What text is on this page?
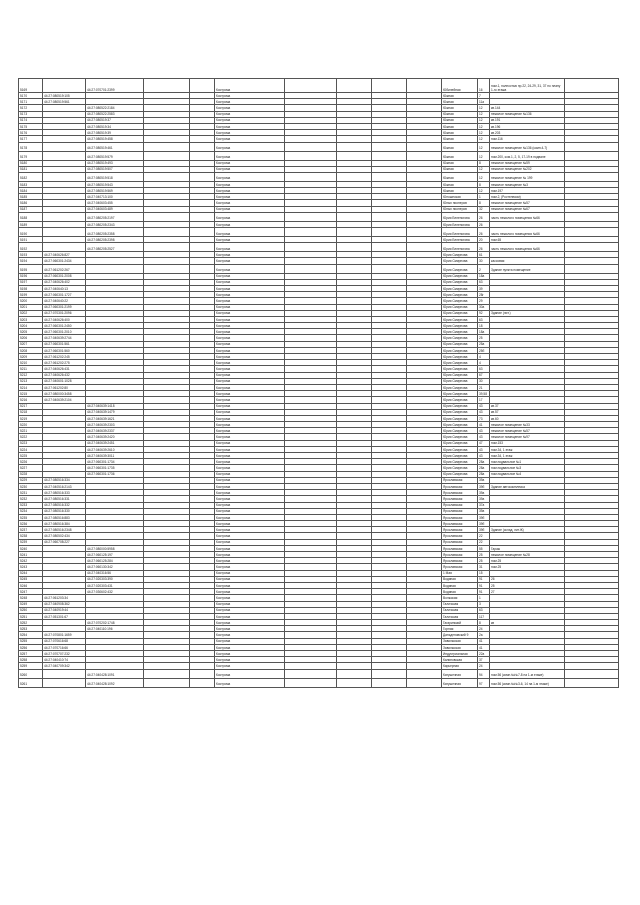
5169		44:27:070701:2399			Кострома					Юбилейная	16	пом.1, полностью пр.22, 24-29, 31, 37 по плану 1-го этажа	
5170	44:27:080519:105				Кострома					Южная	7		
5171	44:27:080519:561				Кострома					Южная	11а		
5172		44:27:080522:2184			Кострома					Южная	12	кв.144	
5173		44:27:080522:2583			Кострома					Южная	12	нежилое помещение №136	
5174		44:27:080519:37			Кострома					Южная	12	кв.191	
5175		44:27:080519:34			Кострома					Южная	12	кв.196	
5176		44:27:080519:39			Кострома					Южная	12	кв.203	
5177		44:27:080519:458			Кострома					Южная	12	пом.116	
5178		44:27:080519:461			Кострома					Южная	12	нежилое помещение №136 (комн.4-7)	
5179		44:27:080519:579			Кострома					Южная	12	пом.200, ком.1, 2, 5, 17-19 в подвале	
5180		44:27:080519:493			Кострома					Южная	8	нежилое помещение №59	
5181		44:27:080519:507			Кострома					Южная	12	нежилое помещение №202	
5182		44:27:080519:518			Кострома					Южная	12	нежилое помещение № 199	
5183		44:27:080519:543			Кострома					Южная	8	нежилое помещение №3	
5184		44:27:080519:569			Кострома					Южная	12	пом.197	
5185		44:27:040713:100			Кострома					Юношеская	1	пом.2, (Ростелеком)	
5186		44:27:040603:455			Кострома					Юных пионеров	8	нежилое помещение №57	
5187		44:27:040603:489			Кострома					Юных пионеров	32	нежилое помещение №67	
5188		44:27:080205:2197			Кострома					Юрия Беленогова	26	часть нежилого помещения №66	
5189		44:27:080205:2343			Кострома					Юрия Беленогова	26		
5190		44:27:080205:2358			Кострома					Юрия Беленогова	26	часть нежилого помещения №66	
5191		44:27:080205:2398			Кострома					Юрия Беленогова	20	пом.65	
5192		44:27:080205:2527			Кострома					Юрия Беленогова	26	часть нежилого помещения №66	
5193	44:27:040626:827				Кострома					Юрия Смирнова	61		
5194	44:27:060301:2434				Кострома					Юрия Смирнова	30	кассовая	
5195	44:27:061202:267				Кострома					Юрия Смирнова	2	Здание пункта помещение	
5196	44:27:060301:2008				Кострома					Юрия Смирнова	18а		
5197	44:27:040626:402				Кострома					Юрия Смирнова	63		
5198	44:27:040640:13				Кострома					Юрия Смирнова	39		
5199	44:27:060301:1727				Кострома					Юрия Смирнова	28г		
5200	44:27:040640:22				Кострома					Юрия Смирнова	29		
5201	44:27:060301:2199				Кострома					Юрия Смирнова	30а		
5202	44:27:070301:2096				Кострома					Юрия Смирнова	92	Здание (лит.)	
5203	44:27:040626:400				Кострома					Юрия Смирнова	63		
5204	44:27:060301:2450				Кострома					Юрия Смирнова	18		
5205	44:27:060301:2010				Кострома					Юрия Смирнова	18а		
5206	44:27:040639:2744				Кострома					Юрия Смирнова	25		
5207	44:27:060301:561				Кострома					Юрия Смирнова	25а		
5208	44:27:060301:560				Кострома					Юрия Смирнова	25б		
5209	44:27:061202:245				Кострома					Юрия Смирнова	4		
5210	44:27:061202:275				Кострома					Юрия Смирнова	4		
5211	44:27:040626:431				Кострома					Юрия Смирнова	63		
5212	44:27:040626:432				Кострома					Юрия Смирнова	67		
5213	44:27:040601:1028				Кострома					Юрия Смирнова	30		
5214	44:27:061202:80				Кострома					Юрия Смирнова	21		
5215	44:27:080000:3458				Кострома					Юрия Смирнова	39,58		
5216	44:27:040639:2104				Кострома					Юрия Смирнова	17		
5217		44:27:040639:1418			Кострома					Юрия Смирнова	43	кв.37	
5218		44:27:040639:1479			Кострома					Юрия Смирнова	43	кв.57	
5219		44:27:040639:1621			Кострома					Юрия Смирнова	73	кв.60	
5220		44:27:040639:2303			Кострома					Юрия Смирнова	41	нежилое помещение №33	
5221		44:27:040639:2337			Кострома					Юрия Смирнова	43	нежилое помещение №57	
5222		44:27:040639:2420			Кострома					Юрия Смирнова	43	нежилое помещение №97	
5223		44:27:040639:2451			Кострома					Юрия Смирнова	47	пом.153	
5224		44:27:040639:2610			Кострома					Юрия Смирнова	43	пом.34, 1 этаж	
5225		44:27:040639:3011			Кострома					Юрия Смирнова	43	пом.34, 1 этаж	
5226		44:27:060301:1734			Кострома					Юрия Смирнова	28а	пом.подвальное №1	
5227		44:27:060301:1735			Кострома					Юрия Смирнова	28а	пом.подвальное №3	
5228		44:27:060301:1736			Кострома					Юрия Смирнова	28а	пом.подвальное №4	
5229	44:27:080516:334				Кострома					Ярославская	39а		
5230	44:27:040516:2143				Кострома					Ярославская	39б	Здание автокомплекса	
5231	44:27:080516:333				Кострома					Ярославская	39а		
5232	44:27:080516:331				Кострома					Ярославская	39а		
5233	44:27:080516:332				Кострома					Ярославская	37а		
5234	44:27:080516:330				Кострома					Ярославская	39а		
5235	44:27:080516:883				Кострома					Ярославская	39б		
5236	44:27:080516:384				Кострома					Ярославская	39б		
5237	44:27:080516:2348				Кострома					Ярославская	39б	Здание (склад, лит.Ж)	
5238	44:27:080502:434				Кострома					Ярославская	22		
5239	44:27:060708:227				Кострома					Ярославская	22		
5240		44:27:080000:5958			Кострома					Ярославская	55	Гараж	
5241		44:27:060125:197			Кострома					Ярославская	25	нежилое помещение №28	
5242		44:27:060125:284			Кострома					Ярославская	25	пом.25	
5243		44:27:060130:342			Кострома					Ярославская	31	пом.25	
5244		44:27:040316:56			Кострома					1 Мая	15		
5245		44:27:020303:390			Кострома					Водяная	91	26	
5246		44:27:020303:431			Кострома					Водяная	91	25	
5247		44:27:030602:432			Кострома					Водяная	91	27	
5248	44:27:061203:34				Кострома					Волжская	1		
5249	44:27:040908:362				Кострома					Галичская	3		
5250	44:27:040919:44				Кострома					Галичская	63		
5251	44:27:051301:67				Кострома					Галичская	117		
5252		44:27:070202:1748			Кострома					Гагаринский	8	кв	
5253		44:27:040110:196			Кострома					Горная	24		
5254	44:27:070801:1659				Кострома					Даньдеповский 9	2а		
5255	44:27:070616:68				Кострома					Заволжская	41		
5256	44:27:070716:66				Кострома					Заволжская	41		
5257	44:27:070707:232				Кострома					Индустриальная	22а		
5258	44:27:040410:74				Кострома					Калиновская	37		
5259	44:27:040709:342				Кострома					Карьерная	24		
5260		44:27:040428:1091			Кострома					Катушечная	94	пом.56 (комн.№№7-8 на 1-м этаже)	
5261		44:27:040428:1092			Кострома					Катушечная	97	пом.56 (комн.№№3-6, 14 на 1-м этаже)	
